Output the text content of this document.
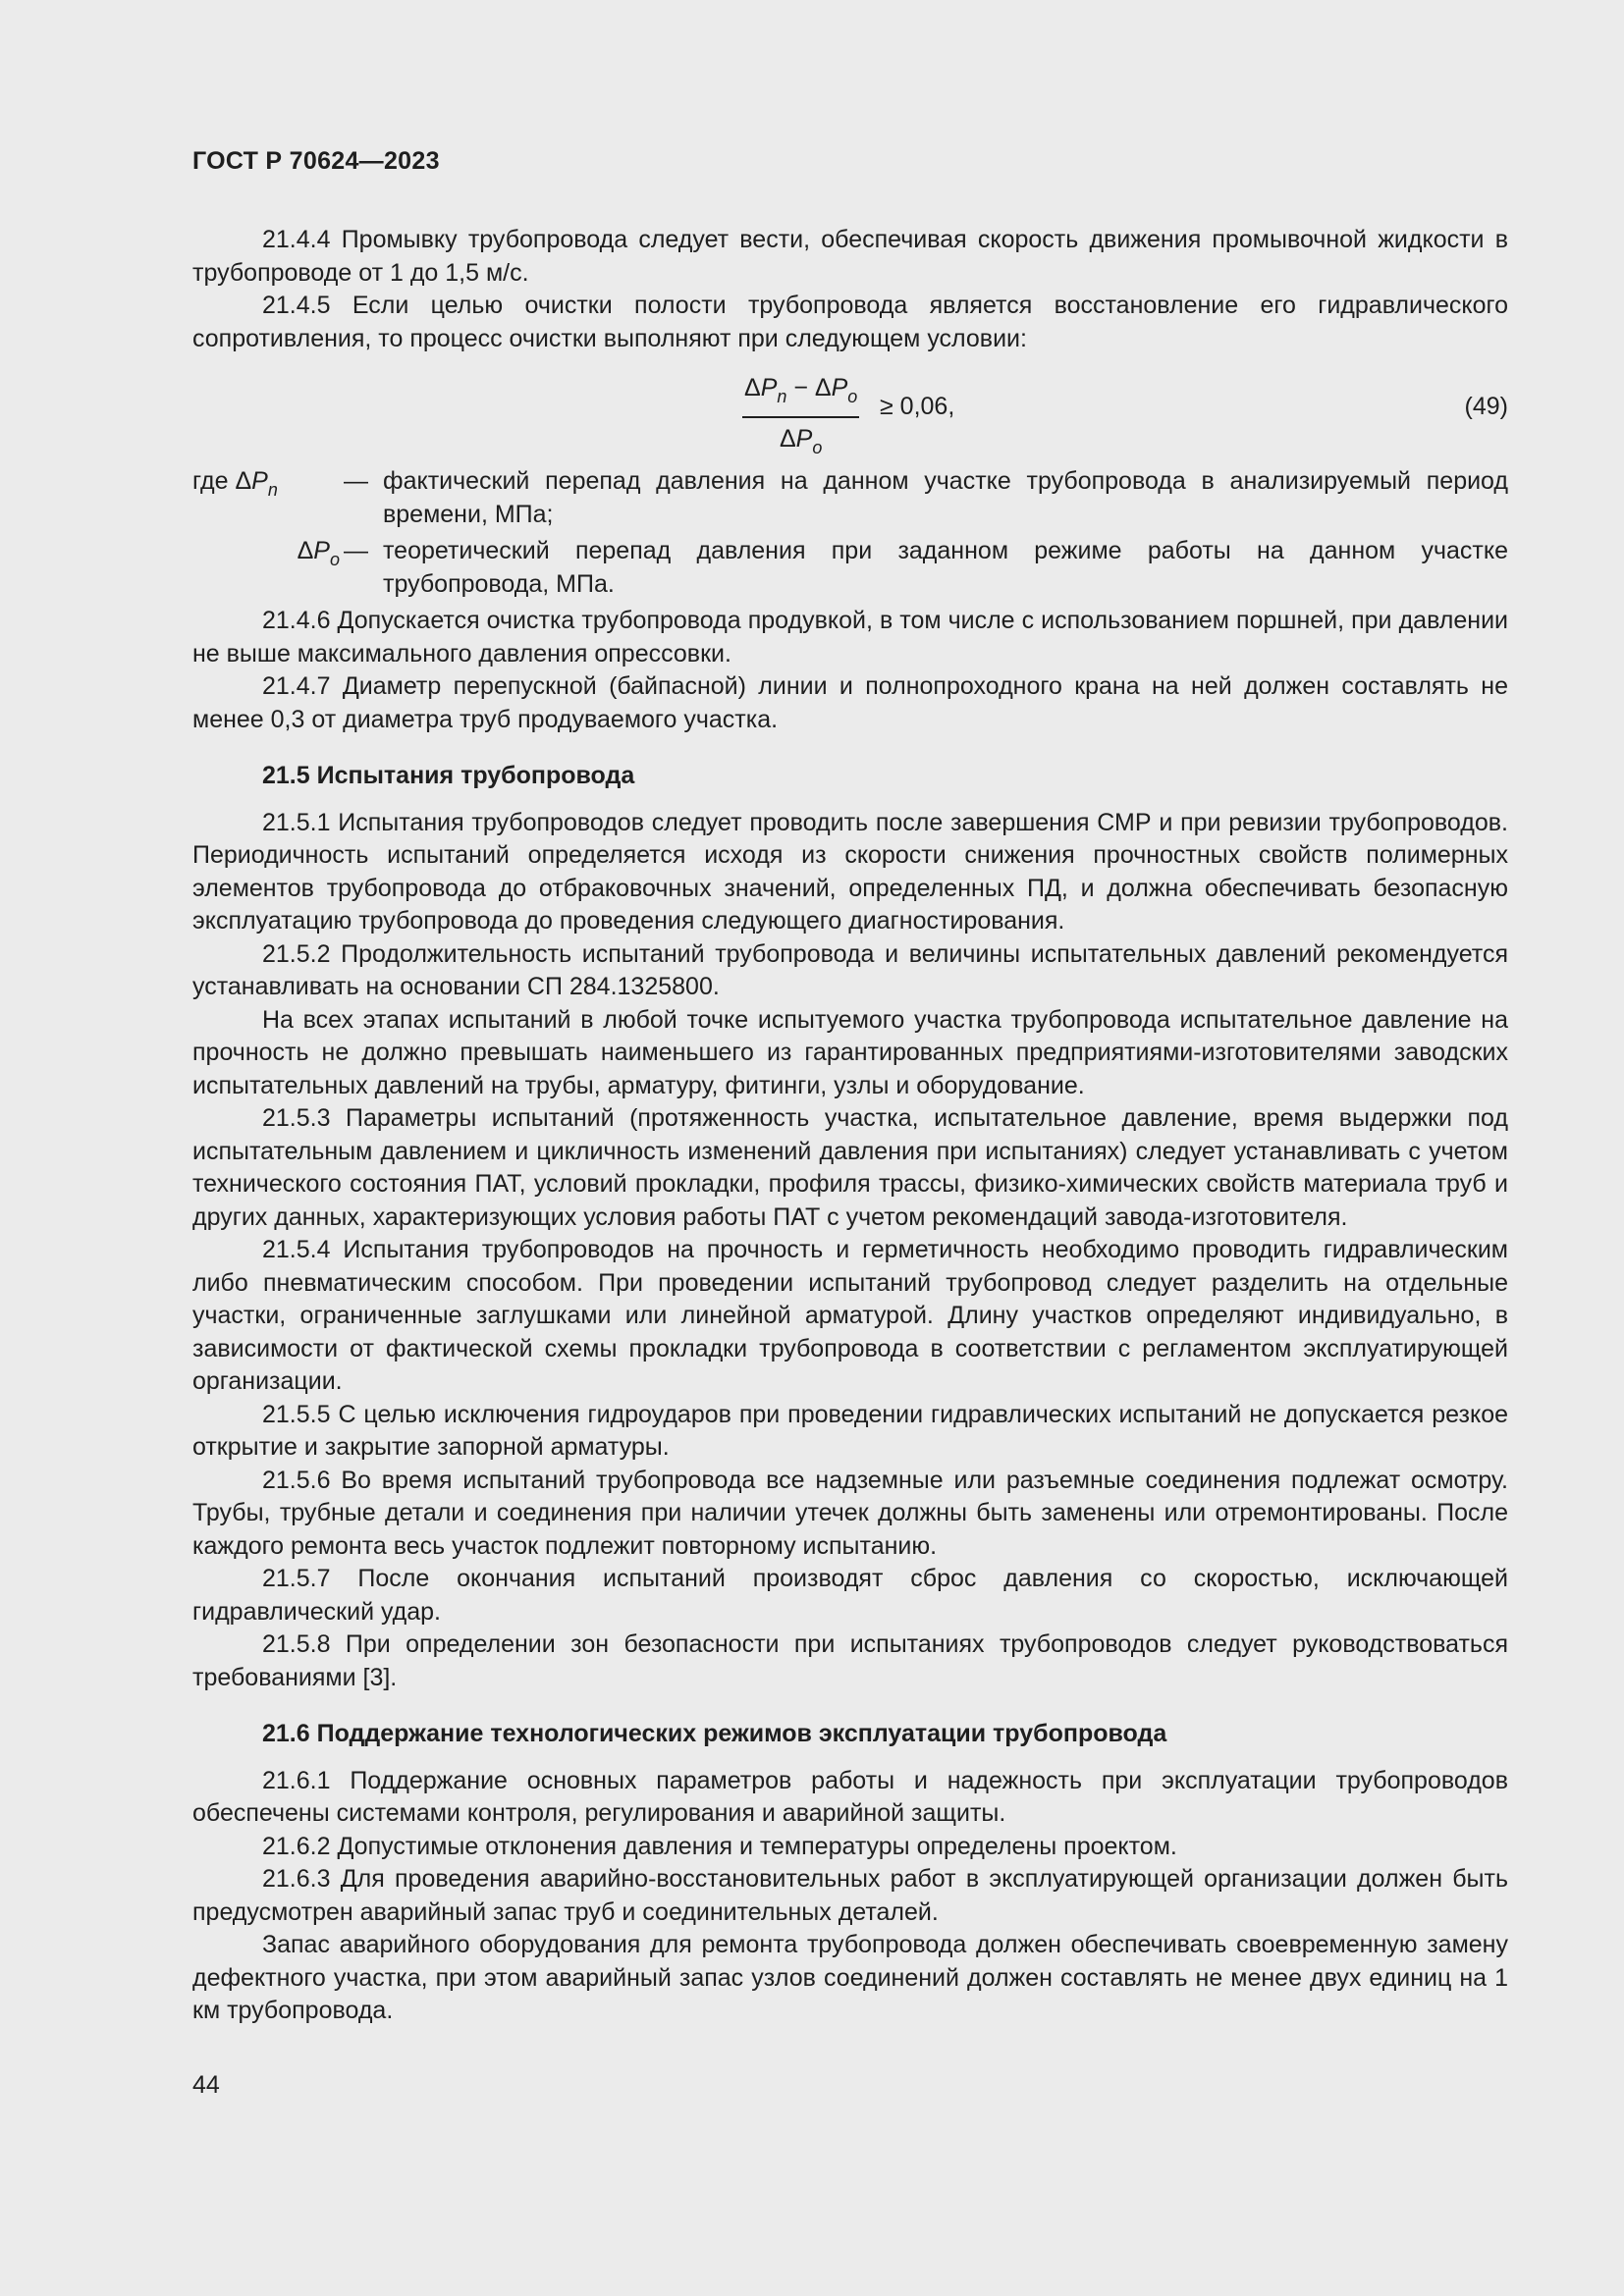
ГОСТ Р 70624—2023

21.4.4 Промывку трубопровода следует вести, обеспечивая скорость движения промывочной жидкости в трубопроводе от 1 до 1,5 м/с.

21.4.5 Если целью очистки полости трубопровода является восстановление его гидравлического сопротивления, то процесс очистки выполняют при следующем условии:

$\Delta P_n - \Delta P_o$
$\Delta P_o$
≥ 0,06,	(49)
где $\Delta P_n$	— фактический перепад давления на данном участке трубопровода в анализируемый период времени, МПа;
$\Delta P_o$ — теоретический перепад давления при заданном режиме работы на данном участке трубопровода, МПа.

21.4.6 Допускается очистка трубопровода продувкой, в том числе с использованием поршней, при давлении не выше максимального давления опрессовки.

21.4.7 Диаметр перепускной (байпасной) линии и полнопроходного крана на ней должен составлять не менее 0,3 от диаметра труб продуваемого участка.

21.5 Испытания трубопровода

21.5.1 Испытания трубопроводов следует проводить после завершения СМР и при ревизии трубопроводов. Периодичность испытаний определяется исходя из скорости снижения прочностных свойств полимерных элементов трубопровода до отбраковочных значений, определенных ПД, и должна обеспечивать безопасную эксплуатацию трубопровода до проведения следующего диагностирования.

21.5.2 Продолжительность испытаний трубопровода и величины испытательных давлений рекомендуется устанавливать на основании СП 284.1325800.

На всех этапах испытаний в любой точке испытуемого участка трубопровода испытательное давление на прочность не должно превышать наименьшего из гарантированных предприятиями-изготовителями заводских испытательных давлений на трубы, арматуру, фитинги, узлы и оборудование.

21.5.3 Параметры испытаний (протяженность участка, испытательное давление, время выдержки под испытательным давлением и цикличность изменений давления при испытаниях) следует устанавливать с учетом технического состояния ПАТ, условий прокладки, профиля трассы, физико-химических свойств материала труб и других данных, характеризующих условия работы ПАТ с учетом рекомендаций завода-изготовителя.

21.5.4 Испытания трубопроводов на прочность и герметичность необходимо проводить гидравлическим либо пневматическим способом. При проведении испытаний трубопровод следует разделить на отдельные участки, ограниченные заглушками или линейной арматурой. Длину участков определяют индивидуально, в зависимости от фактической схемы прокладки трубопровода в соответствии с регламентом эксплуатирующей организации.

21.5.5 С целью исключения гидроударов при проведении гидравлических испытаний не допускается резкое открытие и закрытие запорной арматуры.

21.5.6 Во время испытаний трубопровода все надземные или разъемные соединения подлежат осмотру. Трубы, трубные детали и соединения при наличии утечек должны быть заменены или отремонтированы. После каждого ремонта весь участок подлежит повторному испытанию.

21.5.7 После окончания испытаний производят сброс давления со скоростью, исключающей гидравлический удар.

21.5.8 При определении зон безопасности при испытаниях трубопроводов следует руководствоваться требованиями [3].

21.6 Поддержание технологических режимов эксплуатации трубопровода

21.6.1 Поддержание основных параметров работы и надежность при эксплуатации трубопроводов обеспечены системами контроля, регулирования и аварийной защиты.

21.6.2 Допустимые отклонения давления и температуры определены проектом.

21.6.3 Для проведения аварийно-восстановительных работ в эксплуатирующей организации должен быть предусмотрен аварийный запас труб и соединительных деталей.

Запас аварийного оборудования для ремонта трубопровода должен обеспечивать своевременную замену дефектного участка, при этом аварийный запас узлов соединений должен составлять не менее двух единиц на 1 км трубопровода.

44
